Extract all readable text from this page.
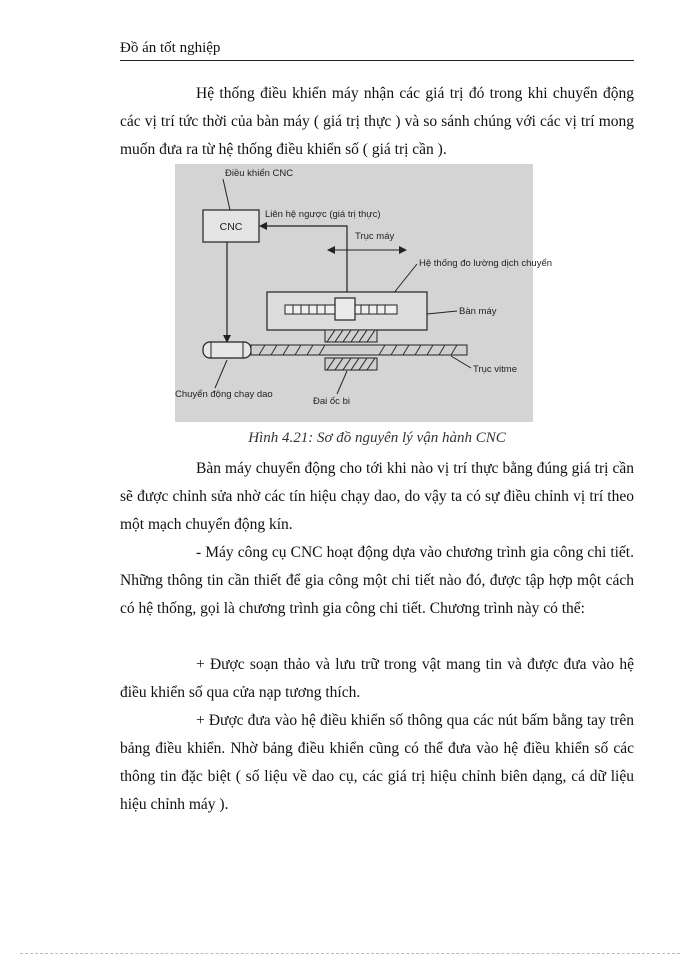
Đồ án tốt nghiệp
Hệ thống điều khiển máy nhận các giá trị đó trong khi chuyển động các vị trí tức thời của bàn máy ( giá trị thực ) và so sánh chúng với các vị trí mong muốn đưa ra từ hệ thống điều khiển số ( giá trị cần ).
Điều khiển CNC
CNC
Liên hệ ngược (giá trị thực)
Trục máy
Hệ thống đo lường dịch chuyển
Bàn máy
Trục vitme
Chuyển động chạy dao
Đai ốc bi
Hình 4.21: Sơ đồ nguyên lý vận hành CNC
Bàn máy chuyển động cho tới khi nào vị trí thực bằng đúng giá trị cần sẽ được chỉnh sửa nhờ các tín hiệu chạy dao, do vậy ta có sự điều chỉnh vị trí theo một mạch chuyển động kín.
- Máy công cụ CNC hoạt động dựa vào chương trình gia công chi tiết. Những thông tin cần thiết để gia công một chi tiết nào đó, được tập hợp một cách có hệ thống, gọi là chương trình gia công chi tiết. Chương trình này có thể:
+ Được soạn thảo và lưu trữ trong vật mang tin và được đưa vào hệ điều khiển số qua cửa nạp tương thích.
+ Được đưa vào hệ điều khiển số thông qua các nút bấm bằng tay trên bảng điều khiển. Nhờ bảng điều khiển cũng có thể đưa vào hệ điều khiển số các thông tin đặc biệt ( số liệu về dao cụ, các giá trị hiệu chỉnh biên dạng, cá dữ liệu hiệu chỉnh máy ).
